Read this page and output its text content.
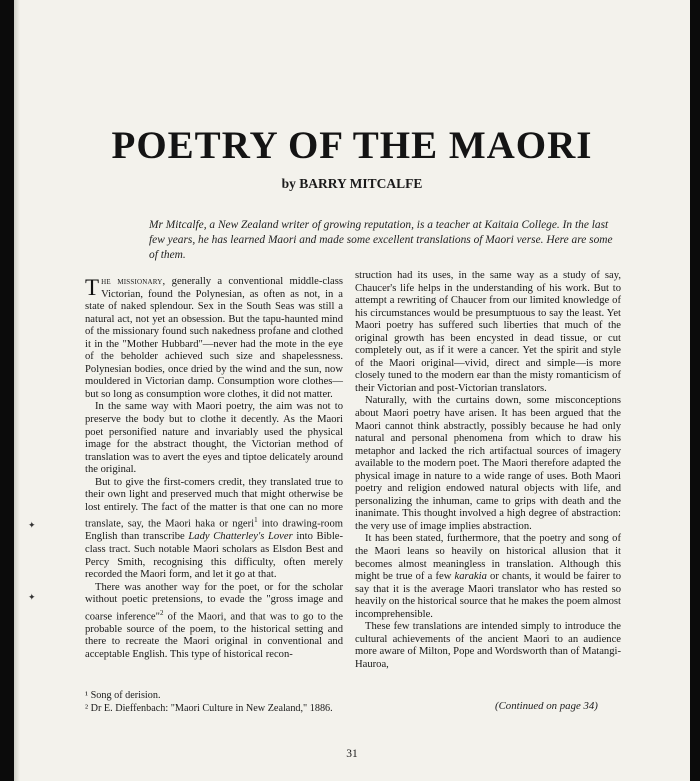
POETRY OF THE MAORI
by BARRY MITCALFE

Mr Mitcalfe, a New Zealand writer of growing reputation, is a teacher at Kaitaia College. In the last few years, he has learned Maori and made some excellent translations of Maori verse. Here are some of them.

The missionary, generally a conventional middle-class Victorian, found the Polynesian, as often as not, in a state of naked splendour. Sex in the South Seas was still a natural act, not yet an obsession. But the tapu-haunted mind of the missionary found such nakedness profane and clothed it in the "Mother Hubbard"—never had the mote in the eye of the beholder achieved such size and shapelessness. Polynesian bodies, once dried by the wind and the sun, now mouldered in Victorian damp. Consumption wore clothes—but so long as consumption wore clothes, it did not matter.

In the same way with Maori poetry, the aim was not to preserve the body but to clothe it decently. As the Maori poet personified nature and invariably used the physical image for the abstract thought, the Victorian method of translation was to avert the eyes and tiptoe delicately around the original.

But to give the first-comers credit, they translated true to their own light and preserved much that might otherwise be lost entirely. The fact of the matter is that one can no more translate, say, the Maori haka or ngeri$^1$ into drawing-room English than transcribe Lady Chatterley's Lover into Bible-class tract. Such notable Maori scholars as Elsdon Best and Percy Smith, recognising this difficulty, often merely recorded the Maori form, and let it go at that.

There was another way for the poet, or for the scholar without poetic pretensions, to evade the "gross image and coarse inference"$^2$ of the Maori, and that was to go to the probable source of the poem, to the historical setting and there to recreate the Maori original in conventional and acceptable English. This type of historical recon-

struction had its uses, in the same way as a study of say, Chaucer's life helps in the understanding of his work. But to attempt a rewriting of Chaucer from our limited knowledge of his circumstances would be presumptuous to say the least. Yet Maori poetry has suffered such liberties that much of the original growth has been encysted in dead tissue, or cut completely out, as if it were a cancer. Yet the spirit and style of the Maori original—vivid, direct and simple—is more closely tuned to the modern ear than the misty romanticism of their Victorian and post-Victorian translators.

Naturally, with the curtains down, some misconceptions about Maori poetry have arisen. It has been argued that the Maori cannot think abstractly, possibly because he had only natural and personal phenomena from which to draw his metaphor and lacked the rich artifactual sources of imagery available to the modern poet. The Maori therefore adapted the physical image in nature to a wide range of uses. Both Maori poetry and religion endowed natural objects with life, and personalizing the inhuman, came to grips with death and the inanimate. This thought involved a high degree of abstraction: the very use of image implies abstraction.

It has been stated, furthermore, that the poetry and song of the Maori leans so heavily on historical allusion that it becomes almost meaningless in translation. Although this might be true of a few karakia or chants, it would be fairer to say that it is the average Maori translator who has rested so heavily on the historical source that he makes the poem almost incomprehensible.

These few translations are intended simply to introduce the cultural achievements of the ancient Maori to an audience more aware of Milton, Pope and Wordsworth than of Matangi-Hauroa,

¹ Song of derision.
² Dr E. Dieffenbach: "Maori Culture in New Zealand," 1886.	(Continued on page 34)
31
✦
✦
